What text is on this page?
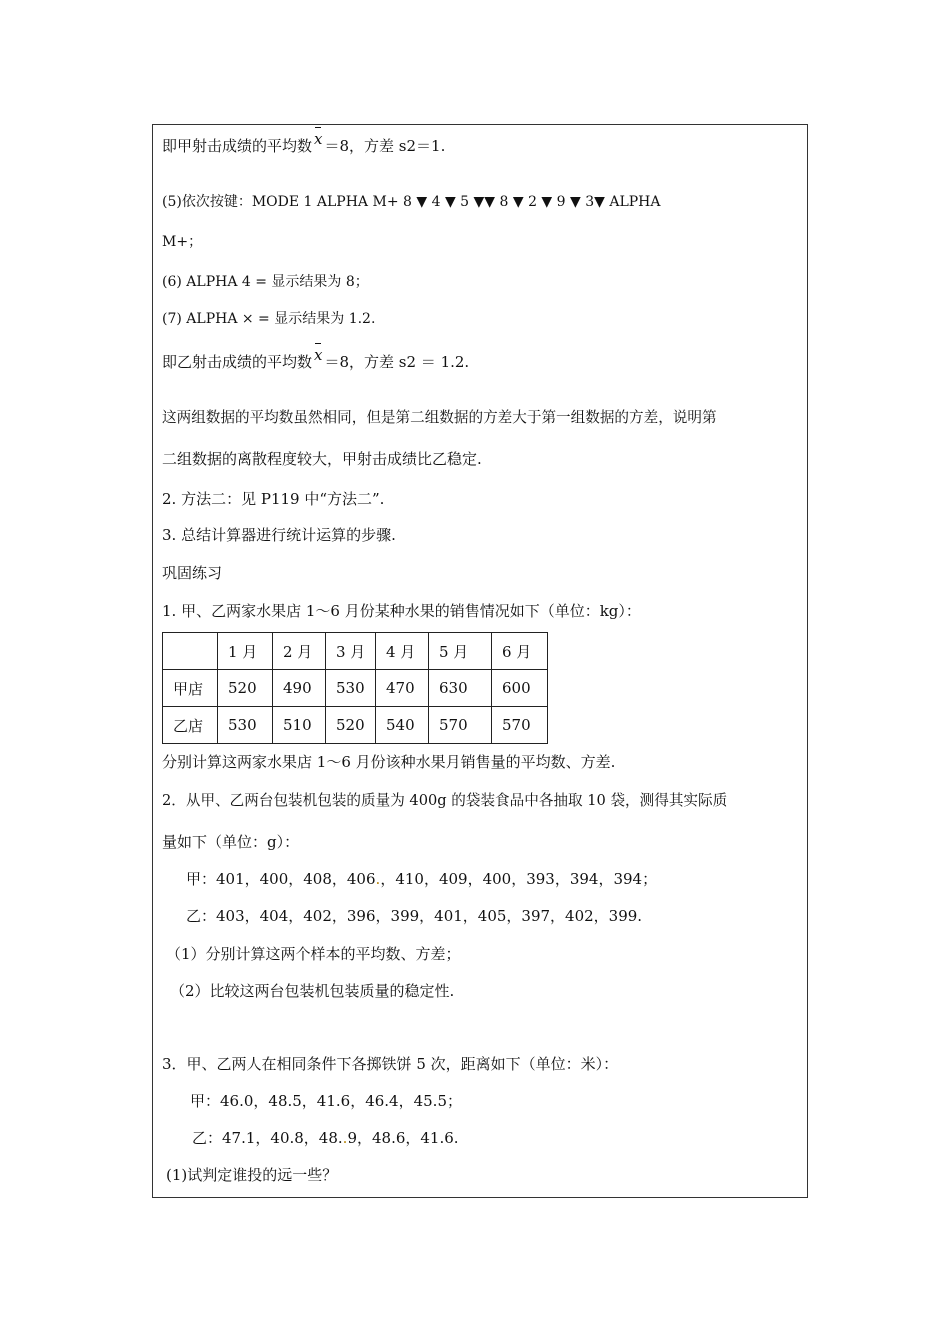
即甲射击成绩的平均数 x ＝8，方差 s2＝1.
(5)依次按键：MODE 1 ALPHA M+ 8 ▼ 4 ▼ 5 ▼▼ 8 ▼ 2 ▼ 9 ▼ 3▼ ALPHA
M+；
(6) ALPHA 4 = 显示结果为 8；
(7) ALPHA × = 显示结果为 1.2.
即乙射击成绩的平均数 x ＝8，方差 s2 ＝ 1.2.
这两组数据的平均数虽然相同，但是第二组数据的方差大于第一组数据的方差，说明第
二组数据的离散程度较大，甲射击成绩比乙稳定.
2. 方法二：见 P119 中“方法二”.
3. 总结计算器进行统计运算的步骤.
巩固练习
1. 甲、乙两家水果店 1～6 月份某种水果的销售情况如下（单位：kg）：
	1 月	2 月	3 月	4 月	5 月	6 月
甲店	520	490	530	470	630	600
乙店	530	510	520	540	570	570
分别计算这两家水果店 1～6 月份该种水果月销售量的平均数、方差.
2．从甲、乙两台包装机包装的质量为 400g 的袋装食品中各抽取 10 袋，测得其实际质
量如下（单位：g）：
甲：401，400，408，406.，410，409，400，393，394，394；
乙：403，404，402，396，399，401，405，397，402，399.
（1）分别计算这两个样本的平均数、方差；
（2）比较这两台包装机包装质量的稳定性.
3．甲、乙两人在相同条件下各掷铁饼 5 次，距离如下（单位：米）：
甲：46.0，48.5，41.6，46.4，45.5；
乙：47.1，40.8，48..9，48.6，41.6.
(1)试判定谁投的远一些？
